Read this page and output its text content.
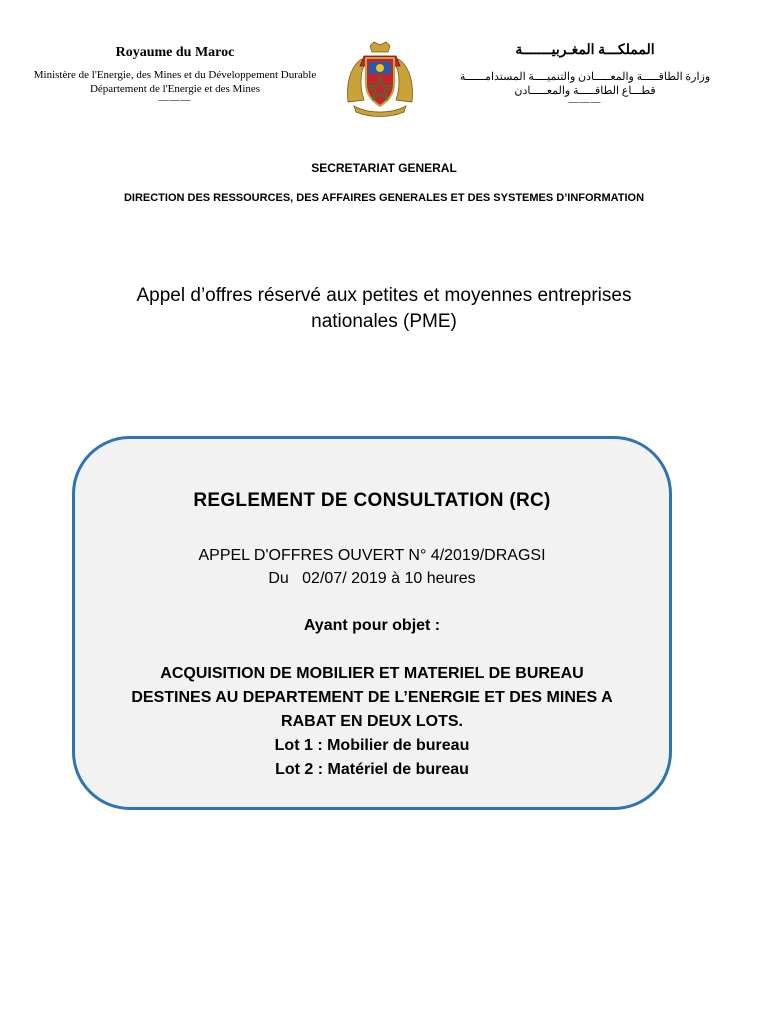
Royaume du Maroc
Ministère de l'Energie, des Mines et du Développement Durable
Département de l'Energie et des Mines
———
المملكـــة المغـربيـــــــة
وزارة الطاقـــــة والمعـــــادن والتنميــــة المستدامــــــة
قطـــاع الطاقـــــة والمعـــــادن
———
SECRETARIAT GENERAL
DIRECTION DES RESSOURCES, DES AFFAIRES GENERALES ET DES SYSTEMES D’INFORMATION
Appel d’offres réservé aux petites et moyennes entreprises
nationales (PME)
REGLEMENT DE CONSULTATION (RC)
APPEL D'OFFRES OUVERT N° 4/2019/DRAGSI
Du   02/07/ 2019 à 10 heures
Ayant pour objet :
ACQUISITION DE MOBILIER ET MATERIEL DE BUREAU
DESTINES AU DEPARTEMENT DE L’ENERGIE ET DES MINES A
RABAT EN DEUX LOTS.
Lot 1 : Mobilier de bureau
Lot 2 : Matériel de bureau
